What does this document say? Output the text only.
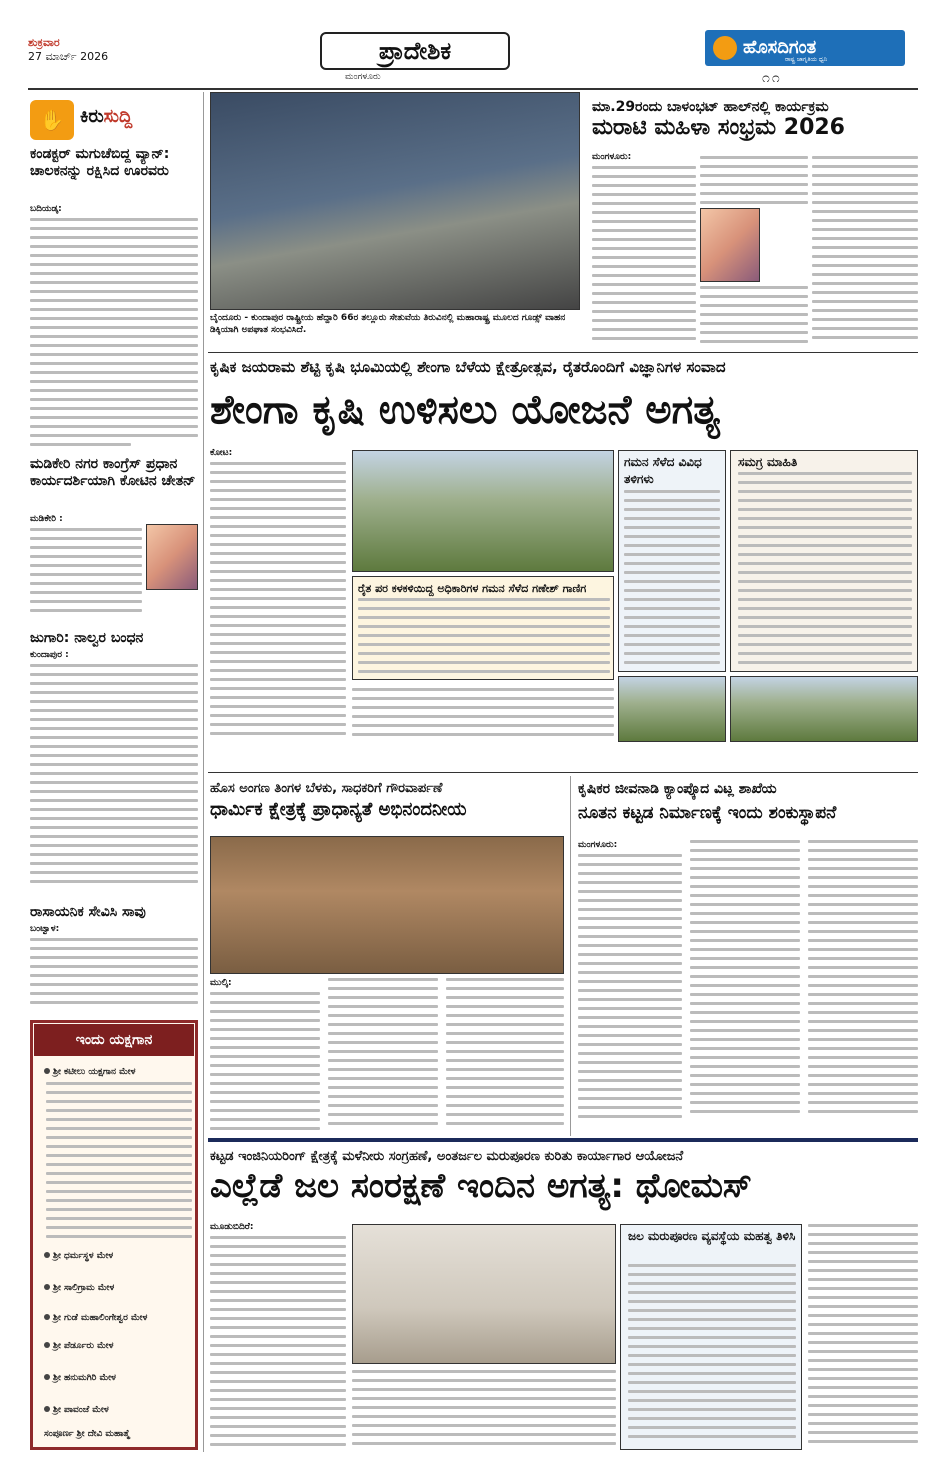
ಶುಕ್ರವಾರ
27 ಮಾರ್ಚ್ 2026	ಪ್ರಾದೇಶಿಕ
ಮಂಗಳೂರು
ಹೊಸದಿಗಂತ
ರಾಷ್ಟ್ರ ಜಾಗೃತಿಯ ಧ್ವನಿ
೧೧
✋ ಕಿರುಸುದ್ದಿ
ಕಂಡಕ್ಟರ್ ಮಗುಚೆಬಿದ್ದ ವ್ಯಾನ್: ಚಾಲಕನನ್ನು ರಕ್ಷಿಸಿದ ಊರವರು
ಬದಿಯಡ್ಕ:
ಮಡಿಕೇರಿ ನಗರ ಕಾಂಗ್ರೆಸ್ ಪ್ರಧಾನ ಕಾರ್ಯದರ್ಶಿಯಾಗಿ ಕೋಟಿನ ಚೇತನ್
ಮಡಿಕೇರಿ :
ಜುಗಾರಿ: ನಾಲ್ವರ ಬಂಧನ
ಕುಂದಾಪುರ :
ರಾಸಾಯನಿಕ ಸೇವಿಸಿ ಸಾವು
ಬಂಟ್ವಾಳ:
ಇಂದು ಯಕ್ಷಗಾನ
ಶ್ರೀ ಕಟೀಲು ಯಕ್ಷಗಾನ ಮೇಳ
ಶ್ರೀ ಧರ್ಮಸ್ಥಳ ಮೇಳ
ಶ್ರೀ ಸಾಲಿಗ್ರಾಮ ಮೇಳ
ಶ್ರೀ ಗುಡೆ ಮಹಾಲಿಂಗೇಶ್ವರ ಮೇಳ
ಶ್ರೀ ಪೆರ್ಡೂರು ಮೇಳ
ಶ್ರೀ ಹನುಮಗಿರಿ ಮೇಳ
ಶ್ರೀ ಪಾವಂಜೆ ಮೇಳ
ಸಂಪೂರ್ಣ ಶ್ರೀ ದೇವಿ ಮಹಾತ್ಮೆ
ಬೈಂದೂರು - ಕುಂದಾಪುರ ರಾಷ್ಟ್ರೀಯ ಹೆದ್ದಾರಿ 66ರ ತಲ್ಲೂರು ಸೇತುವೆಯ ತಿರುವಿನಲ್ಲಿ ಮಹಾರಾಷ್ಟ್ರ ಮೂಲದ ಗೂಡ್ಸ್ ವಾಹನ ಡಿಕ್ಕಿಯಾಗಿ ಅಪಘಾತ ಸಂಭವಿಸಿದೆ.
ಮಾ.29ರಂದು ಬಾಳಂಭಟ್ ಹಾಲ್‌ನಲ್ಲಿ ಕಾರ್ಯಕ್ರಮ
ಮರಾಟಿ ಮಹಿಳಾ ಸಂಭ್ರಮ 2026
ಮಂಗಳೂರು:
ಕೃಷಿಕ ಜಯರಾಮ ಶೆಟ್ಟಿ ಕೃಷಿ ಭೂಮಿಯಲ್ಲಿ ಶೇಂಗಾ ಬೆಳೆಯ ಕ್ಷೇತ್ರೋತ್ಸವ, ರೈತರೊಂದಿಗೆ ವಿಜ್ಞಾನಿಗಳ ಸಂವಾದ
ಶೇಂಗಾ ಕೃಷಿ ಉಳಿಸಲು ಯೋಜನೆ ಅಗತ್ಯ
ಕೋಟ:
ರೈತ ಪರ ಕಳಕಳಿಯಿದ್ದ ಅಧಿಕಾರಿಗಳ ಗಮನ ಸೆಳೆದ ಗಣೇಶ್ ಗಾಣಿಗ
ಗಮನ ಸೆಳೆದ ವಿವಿಧ ತಳಿಗಳು
ಸಮಗ್ರ ಮಾಹಿತಿ
ಹೊಸ ಅಂಗಣ ತಿಂಗಳ ಬೆಳಕು, ಸಾಧಕರಿಗೆ ಗೌರವಾರ್ಪಣೆ
ಧಾರ್ಮಿಕ ಕ್ಷೇತ್ರಕ್ಕೆ ಪ್ರಾಧಾನ್ಯತೆ ಅಭಿನಂದನೀಯ
ಮುಲ್ಕಿ:
ಕೃಷಿಕರ ಜೀವನಾಡಿ ಕ್ಯಾಂಪ್ಕೊದ ವಿಟ್ಲ ಶಾಖೆಯ
ನೂತನ ಕಟ್ಟಡ ನಿರ್ಮಾಣಕ್ಕೆ ಇಂದು ಶಂಕುಸ್ಥಾಪನೆ
ಮಂಗಳೂರು:
ಕಟ್ಟಡ ಇಂಜಿನಿಯರಿಂಗ್ ಕ್ಷೇತ್ರಕ್ಕೆ ಮಳೆನೀರು ಸಂಗ್ರಹಣೆ, ಅಂತರ್ಜಲ ಮರುಪೂರಣ ಕುರಿತು ಕಾರ್ಯಾಗಾರ ಆಯೋಜನೆ
ಎಲ್ಲೆಡೆ ಜಲ ಸಂರಕ್ಷಣೆ ಇಂದಿನ ಅಗತ್ಯ: ಥೋಮಸ್
ಮೂಡುಬಿದಿರೆ:
ಜಲ ಮರುಪೂರಣ ವ್ಯವಸ್ಥೆಯ ಮಹತ್ವ ತಿಳಿಸಿ
